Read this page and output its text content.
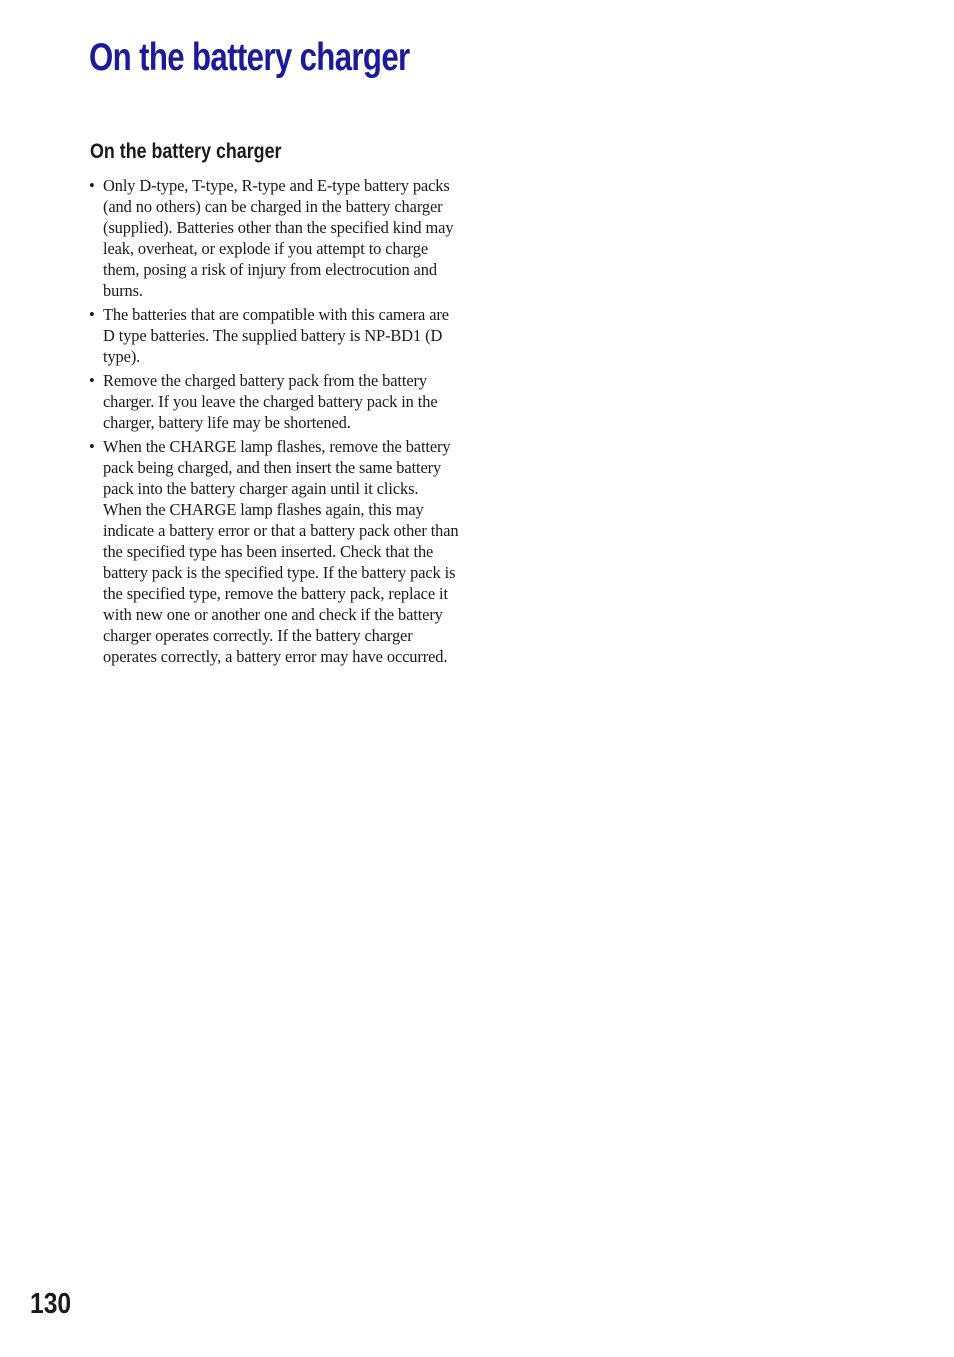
On the battery charger
On the battery charger
• Only D-type, T-type, R-type and E-type battery packs (and no others) can be charged in the battery charger (supplied). Batteries other than the specified kind may leak, overheat, or explode if you attempt to charge them, posing a risk of injury from electrocution and burns.
• The batteries that are compatible with this camera are D type batteries. The supplied battery is NP-BD1 (D type).
• Remove the charged battery pack from the battery charger. If you leave the charged battery pack in the charger, battery life may be shortened.
• When the CHARGE lamp flashes, remove the battery pack being charged, and then insert the same battery pack into the battery charger again until it clicks. When the CHARGE lamp flashes again, this may indicate a battery error or that a battery pack other than the specified type has been inserted. Check that the battery pack is the specified type. If the battery pack is the specified type, remove the battery pack, replace it with new one or another one and check if the battery charger operates correctly. If the battery charger operates correctly, a battery error may have occurred.
130
